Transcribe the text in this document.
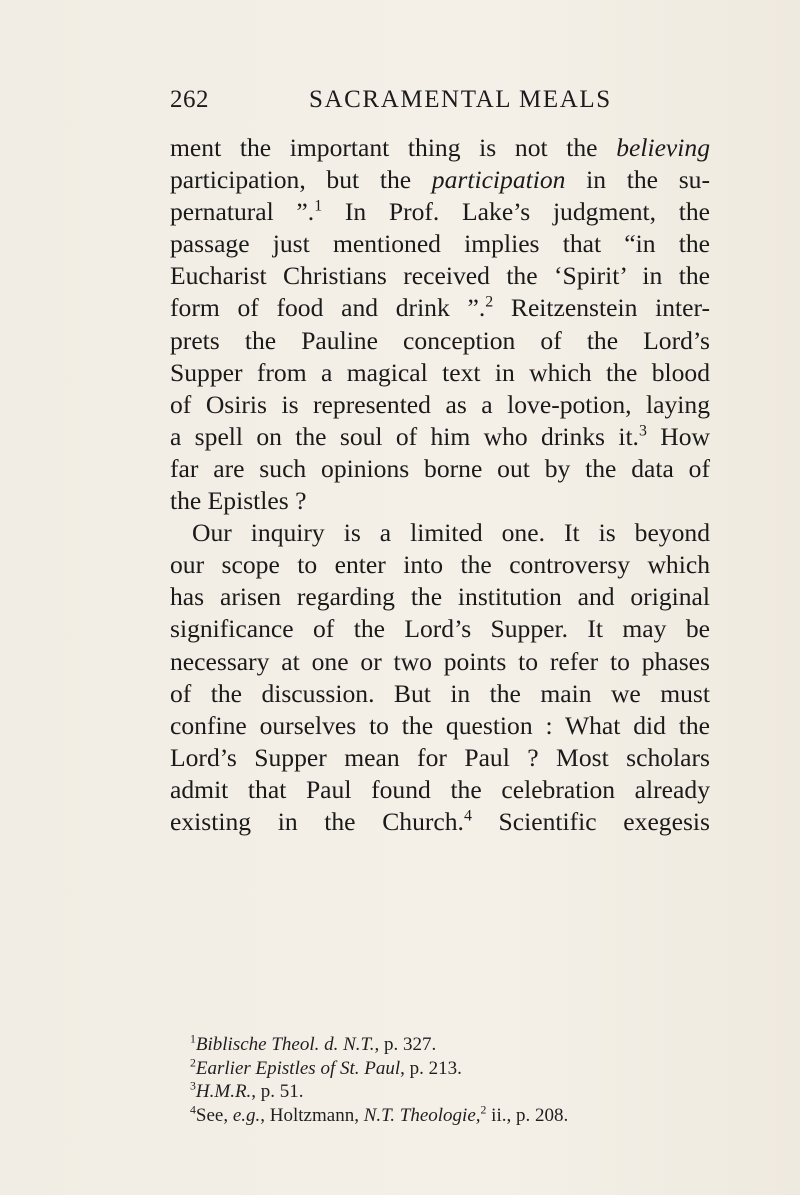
262	SACRAMENTAL MEALS
ment the important thing is not the believing
participation, but the participation in the su-
pernatural ”.$^1$ In Prof. Lake’s judgment, the
passage just mentioned implies that “in the
Eucharist Christians received the ‘Spirit’ in the
form of food and drink ”.$^2$ Reitzenstein inter-
prets the Pauline conception of the Lord’s
Supper from a magical text in which the blood
of Osiris is represented as a love-potion, laying
a spell on the soul of him who drinks it.$^3$ How
far are such opinions borne out by the data of
the Epistles ?
Our inquiry is a limited one. It is beyond
our scope to enter into the controversy which
has arisen regarding the institution and original
significance of the Lord’s Supper. It may be
necessary at one or two points to refer to phases
of the discussion. But in the main we must
confine ourselves to the question : What did the
Lord’s Supper mean for Paul ? Most scholars
admit that Paul found the celebration already
existing in the Church.$^4$ Scientific exegesis
$^1$Biblische Theol. d. N.T., p. 327.
$^2$Earlier Epistles of St. Paul, p. 213.
$^3$H.M.R., p. 51.
$^4$See, e.g., Holtzmann, N.T. Theologie,$^2$ ii., p. 208.
